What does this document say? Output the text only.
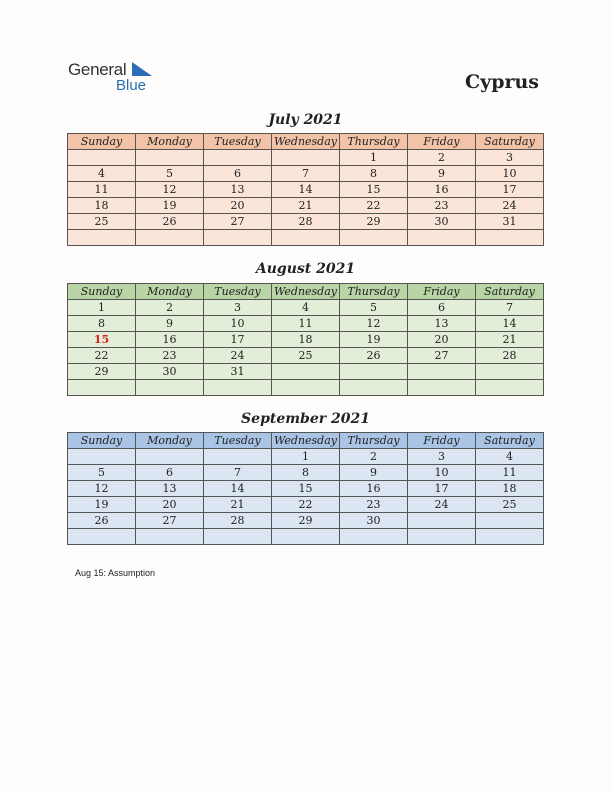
General
Blue	Cyprus
July 2021
Sunday	Monday	Tuesday	Wednesday	Thursday	Friday	Saturday
				1	2	3
4	5	6	7	8	9	10
11	12	13	14	15	16	17
18	19	20	21	22	23	24
25	26	27	28	29	30	31

August 2021
Sunday	Monday	Tuesday	Wednesday	Thursday	Friday	Saturday
1	2	3	4	5	6	7
8	9	10	11	12	13	14
15	16	17	18	19	20	21
22	23	24	25	26	27	28
29	30	31				

September 2021
Sunday	Monday	Tuesday	Wednesday	Thursday	Friday	Saturday
			1	2	3	4
5	6	7	8	9	10	11
12	13	14	15	16	17	18
19	20	21	22	23	24	25
26	27	28	29	30		

Aug 15: Assumption
